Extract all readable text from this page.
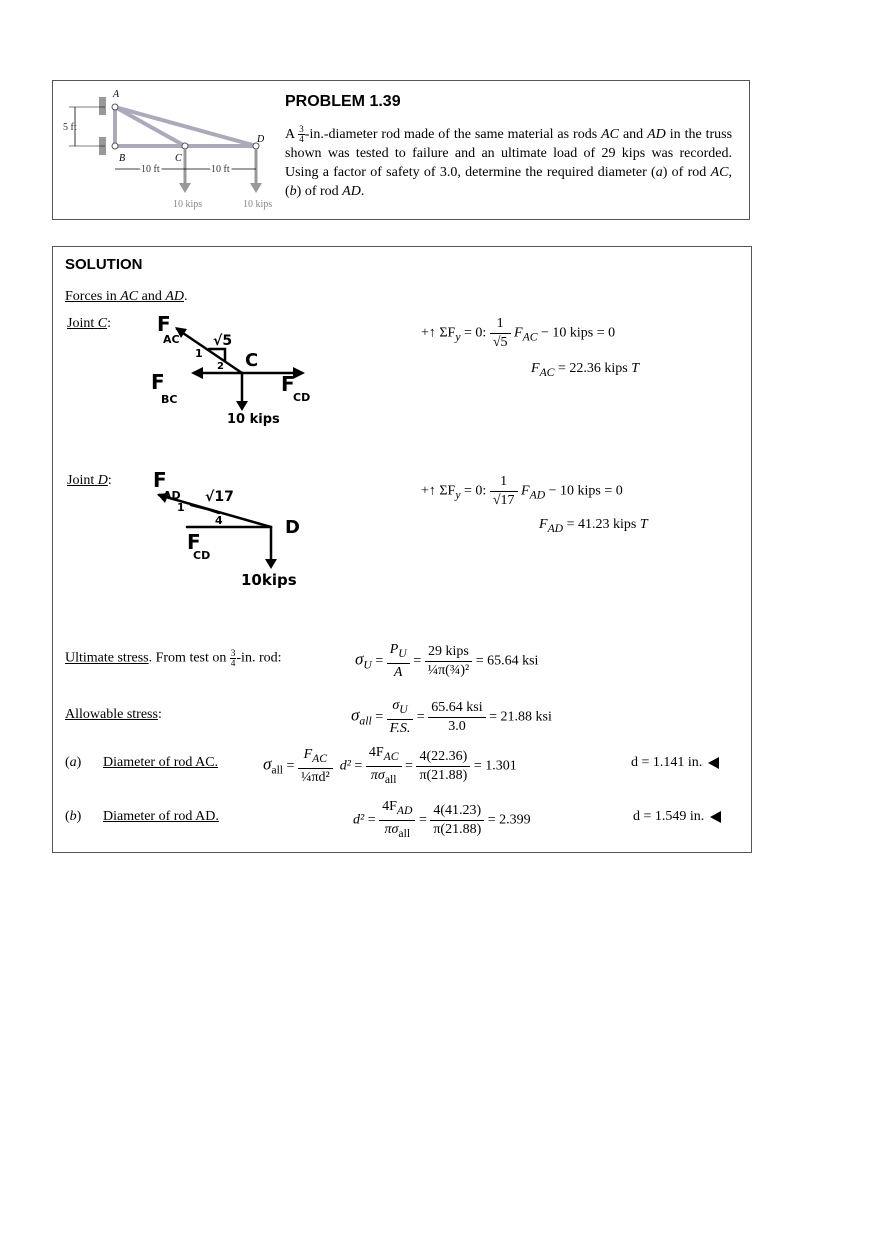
A
B	C
D
5 ft
10 ft	10 ft
10 kips	10 kips
PROBLEM 1.39
A $\frac{3}{4}$ -in.-diameter rod made of the same material as rods AC and AD in the truss shown was tested to failure and an ultimate load of 29 kips was recorded. Using a factor of safety of 3.0, determine the required diameter (a) of rod AC, (b) of rod AD.
SOLUTION
Forces in AC and AD.
Joint C: F
AC √5
1
2 C
F
BC
F
CD
10 kips
+↑ $\Sigma F_y = 0$: $\frac{1}{√5} F_{AC} - 10$ kips = 0
$F_{AC} = 22.36$ kips T
Joint D: F
AD √17
1
4	D
F
CD
10kips
+↑ $\Sigma F_y = 0$: $\frac{1}{√17} F_{AD} - 10$ kips = 0
$F_{AD} = 41.23$ kips T
Ultimate stress. From test on $\frac{3}{4} -in$. rod:	$\sigma_U = \frac{P_U}{A} = \frac{\text{29 kips}}{\text{¼π(¾)²}} = 65.64$ ksi
Allowable stress:	$\sigma_{all} = \frac{\sigma_U}{F.S.} = \frac{\text{65.64 ksi}}{3.0} = 21.88$ ksi
(a) Diameter of rod AC.	$\sigma_{all} = \frac{F_{AC}}{\text{¼πd²}} d^2 = \frac{4F_{AC}}{\pi\sigma_{all}} = \frac{4(22.36)}{\pi(21.88)} = 1.301$	d = 1.141 in.
(b) Diameter of rod AD.	$d^2 = \frac{4F_{AD}}{\pi\sigma_{all}} = \frac{4(41.23)}{\pi(21.88)} = 2.399$	d = 1.549 in.
